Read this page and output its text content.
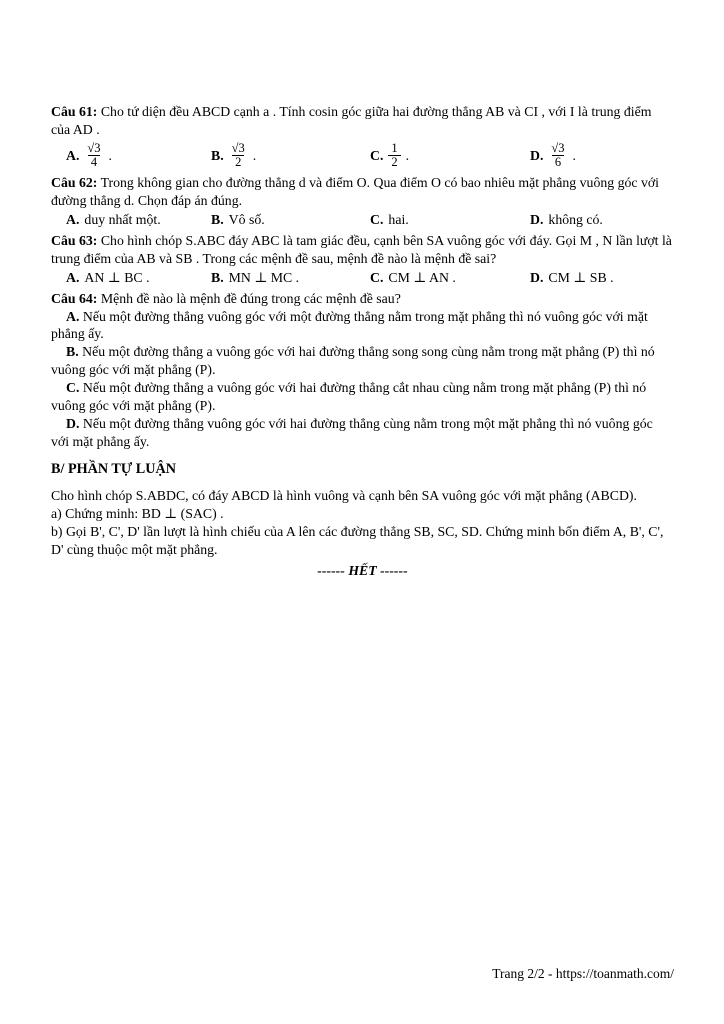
Câu 61: Cho tứ diện đều ABCD cạnh a . Tính cosin góc giữa hai đường thẳng AB và CI , với I là trung điểm của AD .

A. $\frac{√3}{4}$ .	B. $\frac{√3}{2}$ .	C. $\frac{1}{2}$ .	D. $\frac{√3}{6}$ .

Câu 62: Trong không gian cho đường thẳng d và điểm O. Qua điểm O có bao nhiêu mặt phẳng vuông góc với đường thẳng d. Chọn đáp án đúng.

A. duy nhất một.	B. Vô số.	C. hai.	D. không có.

Câu 63: Cho hình chóp S.ABC đáy ABC là tam giác đều, cạnh bên SA vuông góc với đáy. Gọi M , N lần lượt là trung điểm của AB và SB . Trong các mệnh đề sau, mệnh đề nào là mệnh đề sai?

A. AN ⊥ BC .	B. MN ⊥ MC .	C. CM ⊥ AN .	D. CM ⊥ SB .

Câu 64: Mệnh đề nào là mệnh đề đúng trong các mệnh đề sau?

A. Nếu một đường thẳng vuông góc với một đường thẳng nằm trong mặt phẳng thì nó vuông góc với mặt phẳng ấy.

B. Nếu một đường thẳng a vuông góc với hai đường thẳng song song cùng nằm trong mặt phẳng (P) thì nó vuông góc với mặt phẳng (P).

C. Nếu một đường thẳng a vuông góc với hai đường thẳng cắt nhau cùng nằm trong mặt phẳng (P) thì nó vuông góc với mặt phẳng (P).

D. Nếu một đường thẳng vuông góc với hai đường thẳng cùng nằm trong một mặt phẳng thì nó vuông góc với mặt phẳng ấy.

B/ PHẦN TỰ LUẬN

Cho hình chóp S.ABDC, có đáy ABCD là hình vuông và cạnh bên SA vuông góc với mặt phẳng (ABCD).

a) Chứng minh: BD ⊥ (SAC) .

b) Gọi B', C', D' lần lượt là hình chiếu của A lên các đường thẳng SB, SC, SD. Chứng minh bốn điểm A, B', C', D' cùng thuộc một mặt phẳng.

------ HẾT ------

Trang 2/2 - https://toanmath.com/
